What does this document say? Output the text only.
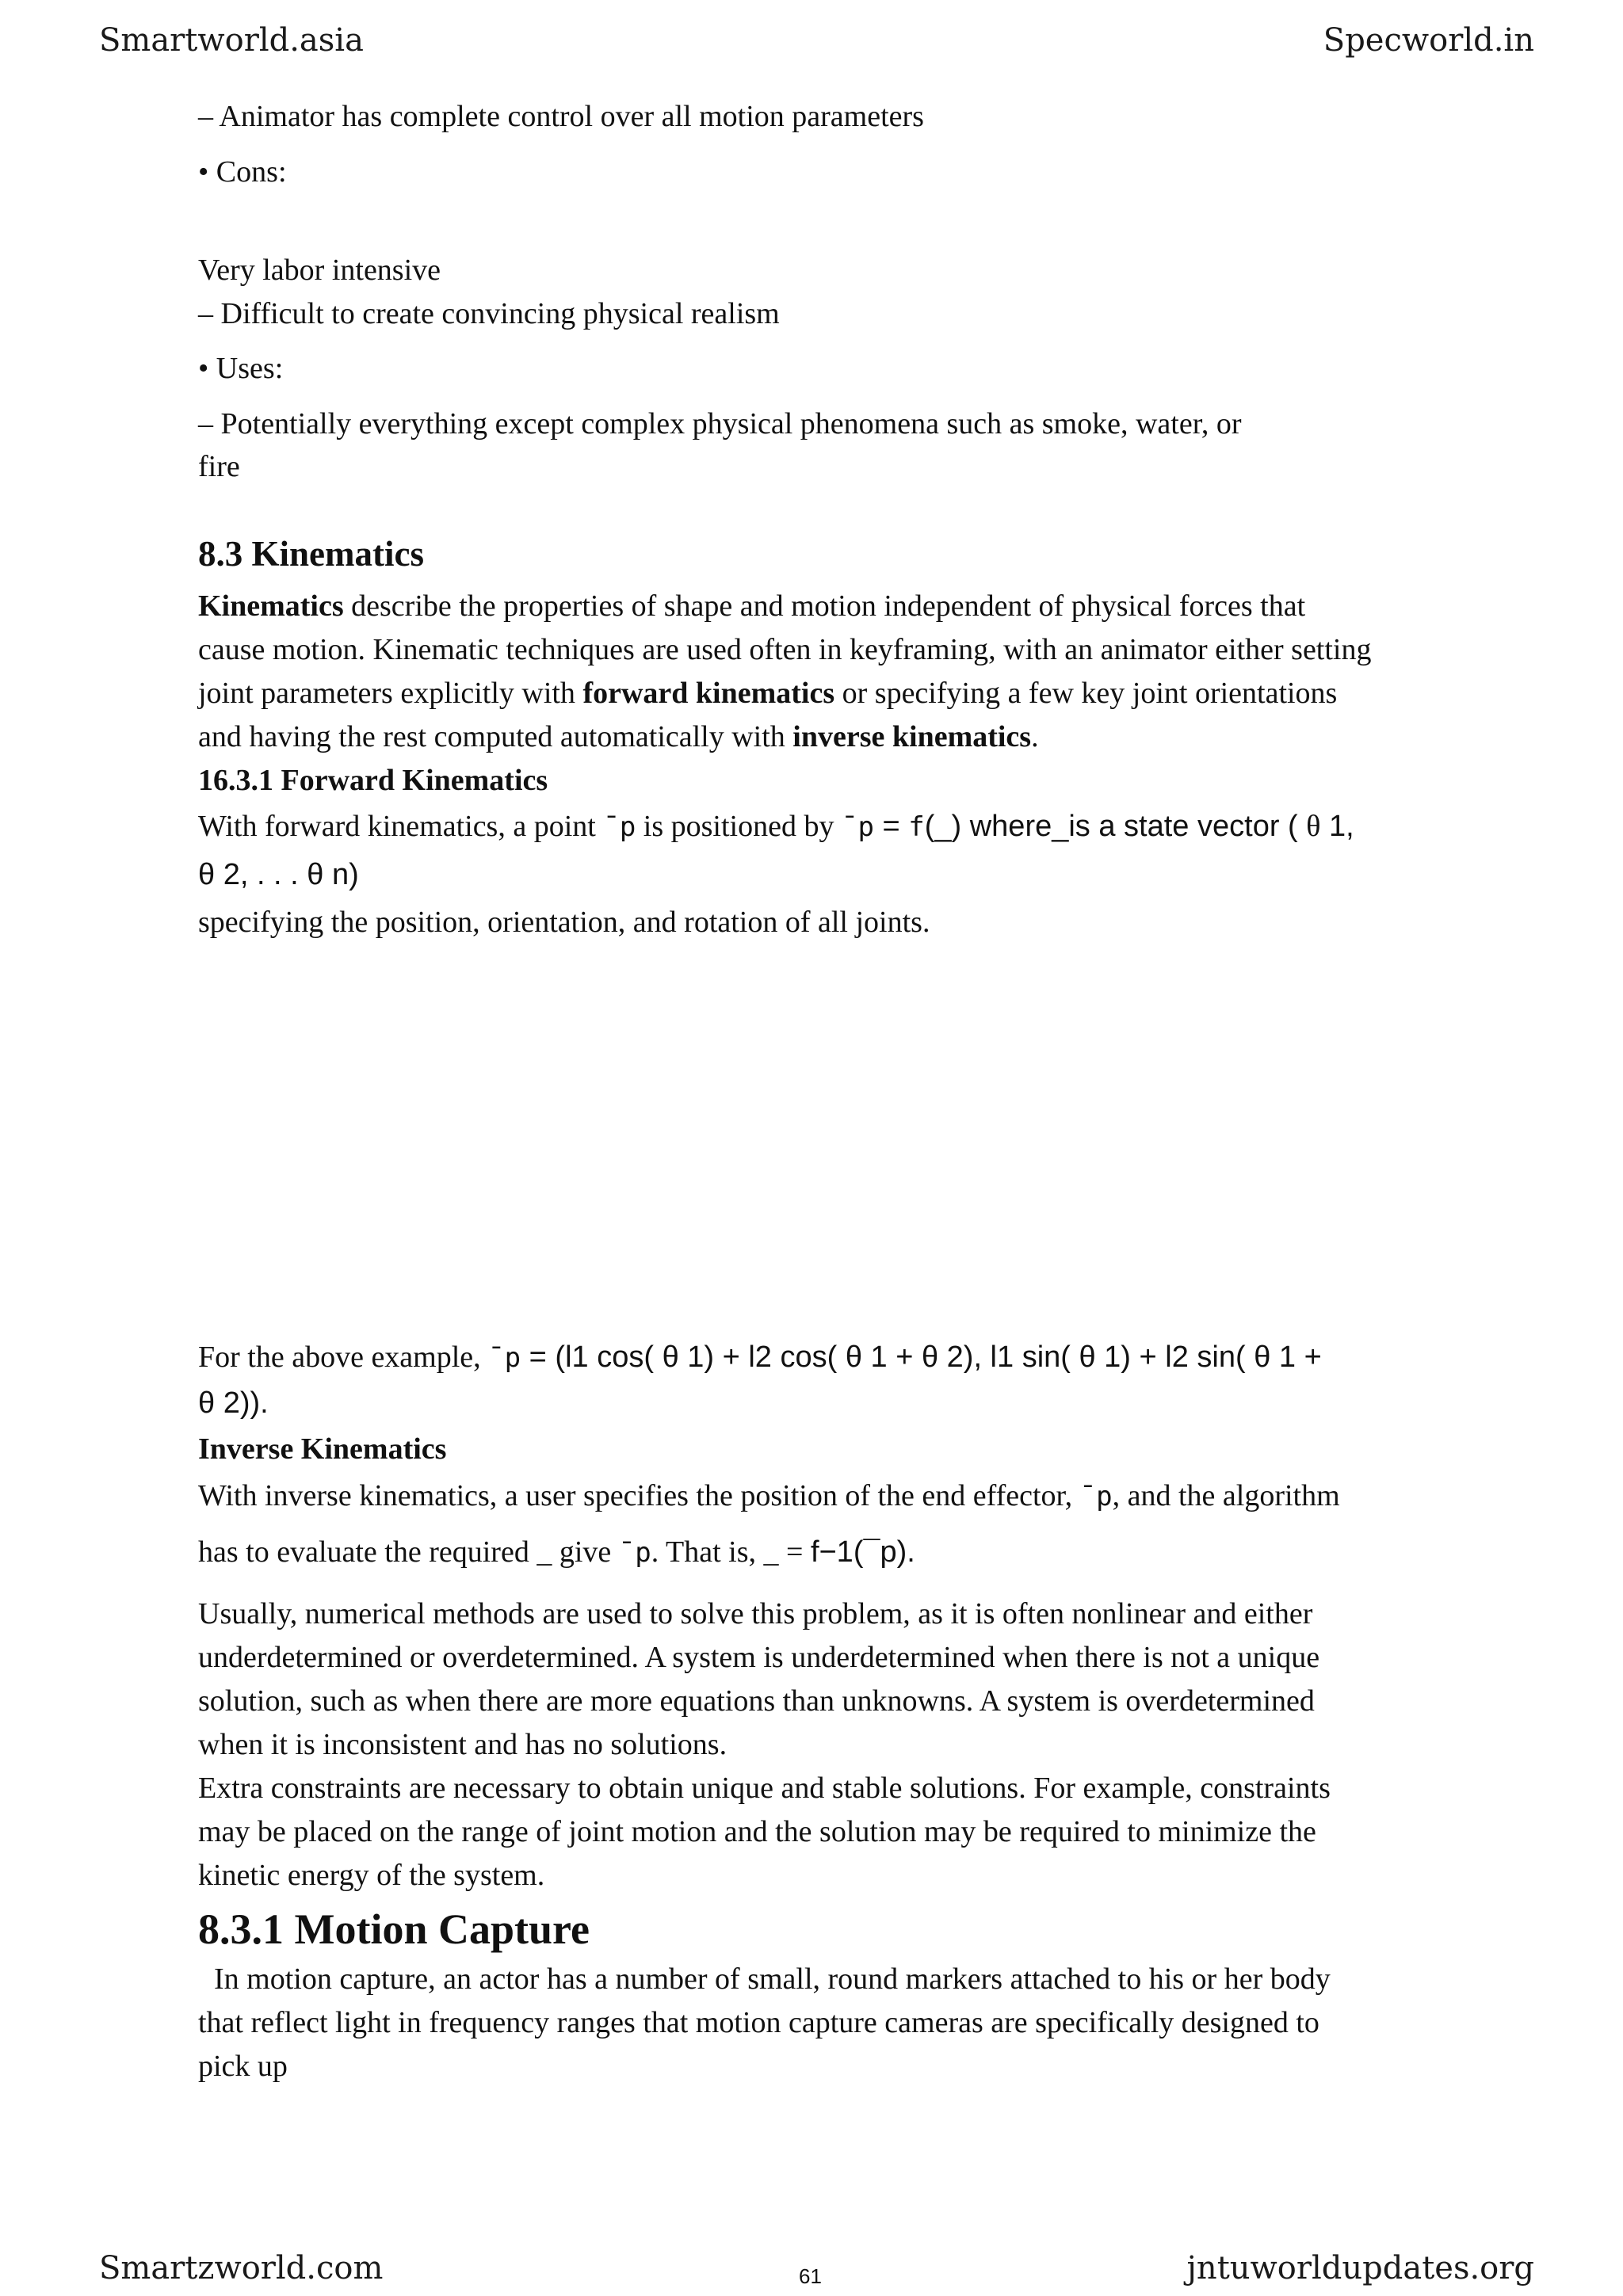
Smartworld.asia	Specworld.in
– Animator has complete control over all motion parameters
• Cons:
Very labor intensive
– Difficult to create convincing physical realism
• Uses:
– Potentially everything except complex physical phenomena such as smoke, water, or
fire
8.3 Kinematics
Kinematics describe the properties of shape and motion independent of physical forces that
cause motion. Kinematic techniques are used often in keyframing, with an animator either setting
joint parameters explicitly with forward kinematics or specifying a few key joint orientations
and having the rest computed automatically with inverse kinematics.
16.3.1 Forward Kinematics
With forward kinematics, a point ¯p is positioned by ¯p = f(_) where_is a state vector ( θ 1,
θ 2, . . . θ n)
specifying the position, orientation, and rotation of all joints.
For the above example, ¯p = (l1 cos( θ 1) + l2 cos( θ 1 + θ 2), l1 sin( θ 1) + l2 sin( θ 1 +
θ 2)).
Inverse Kinematics
With inverse kinematics, a user specifies the position of the end effector, ¯p, and the algorithm
has to evaluate the required _ give ¯p. That is, _ = f−1(¯p).
Usually, numerical methods are used to solve this problem, as it is often nonlinear and either
underdetermined or overdetermined. A system is underdetermined when there is not a unique
solution, such as when there are more equations than unknowns. A system is overdetermined
when it is inconsistent and has no solutions.
Extra constraints are necessary to obtain unique and stable solutions. For example, constraints
may be placed on the range of joint motion and the solution may be required to minimize the
kinetic energy of the system.
8.3.1 Motion Capture
In motion capture, an actor has a number of small, round markers attached to his or her body
that reflect light in frequency ranges that motion capture cameras are specifically designed to
pick up
Smartzworld.com	61	jntuworldupdates.org
